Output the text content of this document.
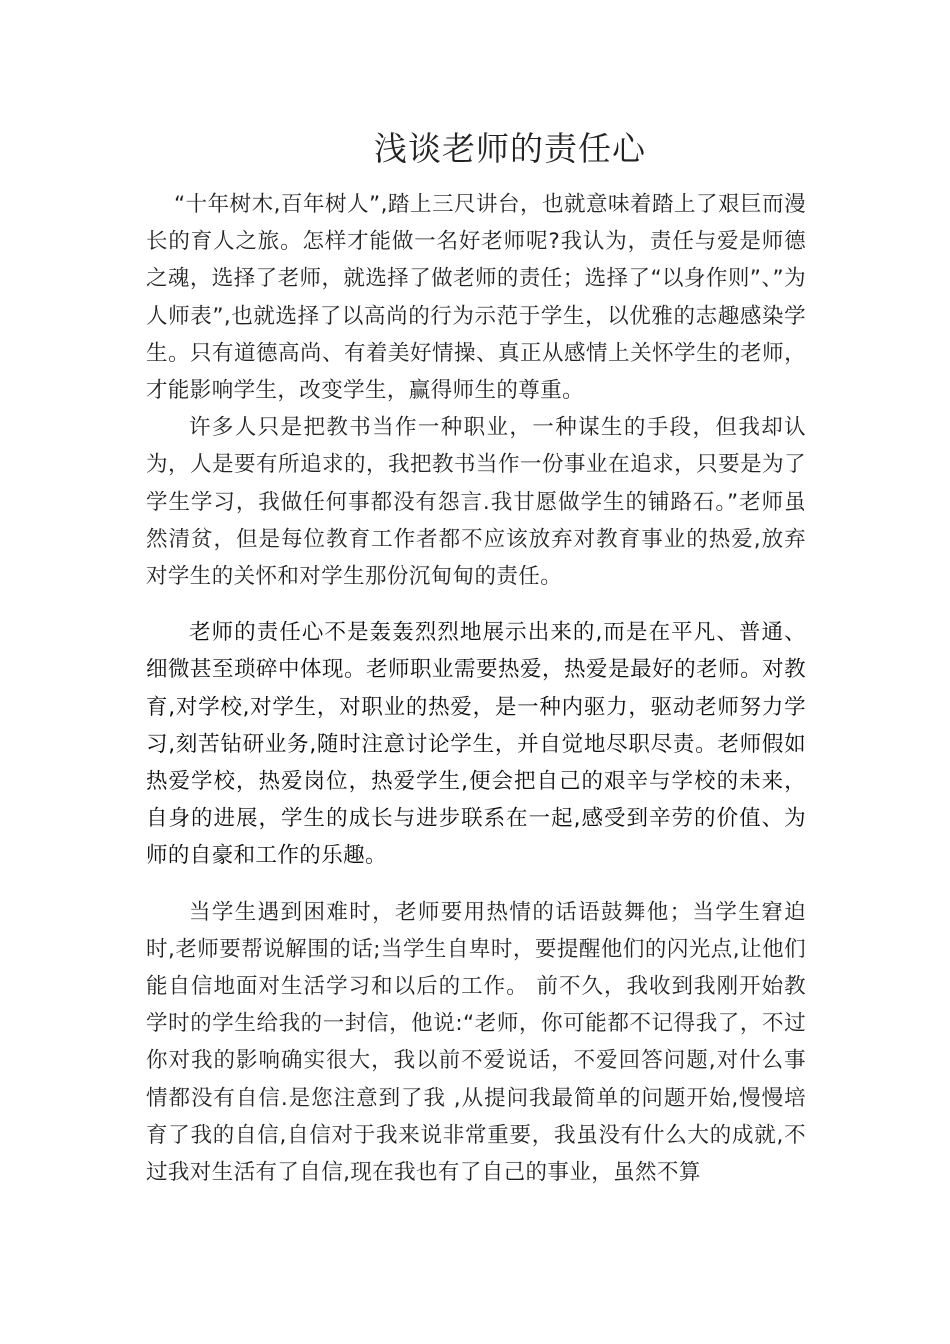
浅谈老师的责任心

“十年树木,百年树人”,踏上三尺讲台，也就意味着踏上了艰巨而漫长的育人之旅。怎样才能做一名好老师呢?我认为，责任与爱是师德之魂，选择了老师，就选择了做老师的责任；选择了“以身作则”、”为人师表”,也就选择了以高尚的行为示范于学生，以优雅的志趣感染学生。只有道德高尚、有着美好情操、真正从感情上关怀学生的老师，才能影响学生，改变学生，赢得师生的尊重。

许多人只是把教书当作一种职业，一种谋生的手段，但我却认为，人是要有所追求的，我把教书当作一份事业在追求，只要是为了学生学习，我做任何事都没有怨言.我甘愿做学生的铺路石。”老师虽然清贫，但是每位教育工作者都不应该放弃对教育事业的热爱,放弃对学生的关怀和对学生那份沉甸甸的责任。

老师的责任心不是轰轰烈烈地展示出来的,而是在平凡、普通、细微甚至琐碎中体现。老师职业需要热爱，热爱是最好的老师。对教育,对学校,对学生，对职业的热爱，是一种内驱力，驱动老师努力学习,刻苦钻研业务,随时注意讨论学生，并自觉地尽职尽责。老师假如热爱学校，热爱岗位，热爱学生,便会把自己的艰辛与学校的未来，自身的进展，学生的成长与进步联系在一起,感受到辛劳的价值、为师的自豪和工作的乐趣。

当学生遇到困难时，老师要用热情的话语鼓舞他；当学生窘迫时,老师要帮说解围的话;当学生自卑时，要提醒他们的闪光点,让他们能自信地面对生活学习和以后的工作。 前不久，我收到我刚开始教学时的学生给我的一封信，他说:“老师，你可能都不记得我了，不过你对我的影响确实很大，我以前不爱说话，不爱回答问题,对什么事情都没有自信.是您注意到了我 ,从提问我最简单的问题开始,慢慢培育了我的自信,自信对于我来说非常重要，我虽没有什么大的成就,不过我对生活有了自信,现在我也有了自己的事业，虽然不算
